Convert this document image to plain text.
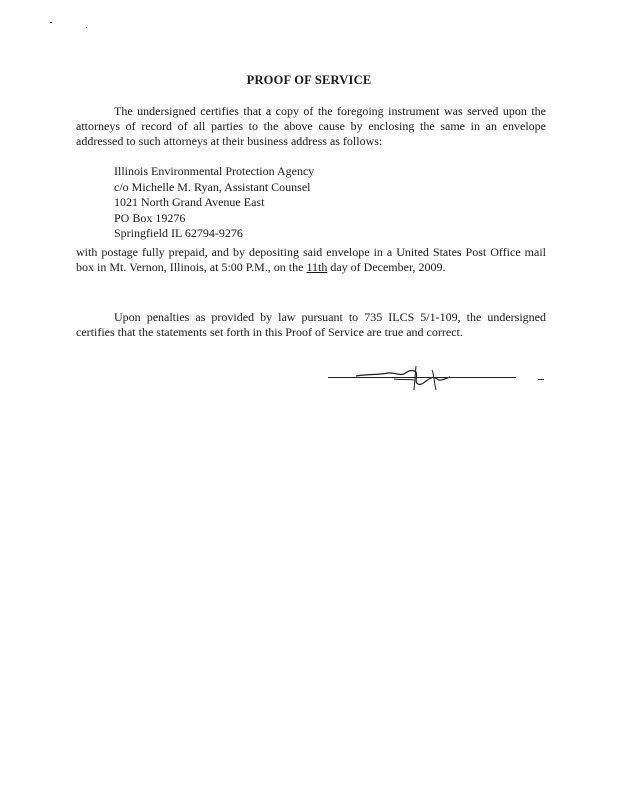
PROOF OF SERVICE
The undersigned certifies that a copy of the foregoing instrument was served upon the attorneys of record of all parties to the above cause by enclosing the same in an envelope addressed to such attorneys at their business address as follows:
Illinois Environmental Protection Agency
c/o Michelle M. Ryan, Assistant Counsel
1021 North Grand Avenue East
PO Box 19276
Springfield IL 62794-9276
with postage fully prepaid, and by depositing said envelope in a United States Post Office mail box in Mt. Vernon, Illinois, at 5:00 P.M., on the 11th day of December, 2009.
Upon penalties as provided by law pursuant to 735 ILCS 5/1-109, the undersigned certifies that the statements set forth in this Proof of Service are true and correct.
